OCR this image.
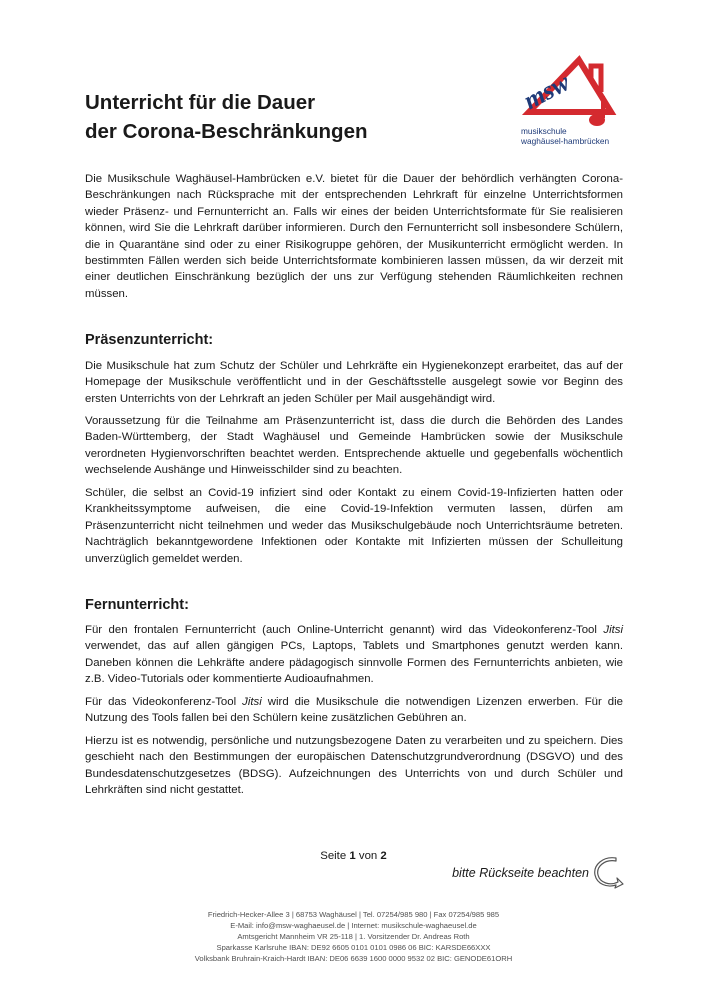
Unterricht für die Dauer
der Corona-Beschränkungen
msw
musikschule
waghäusel-hambrücken

Die Musikschule Waghäusel-Hambrücken e.V. bietet für die Dauer der behördlich verhängten Corona-Beschränkungen nach Rücksprache mit der entsprechenden Lehrkraft für einzelne Unterrichtsformen wieder Präsenz- und Fernunterricht an. Falls wir eines der beiden Unterrichtsformate für Sie realisieren können, wird Sie die Lehrkraft darüber informieren. Durch den Fernunterricht soll insbesondere Schülern, die in Quarantäne sind oder zu einer Risikogruppe gehören, der Musikunterricht ermöglicht werden. In bestimmten Fällen werden sich beide Unterrichtsformate kombinieren lassen müssen, da wir derzeit mit einer deutlichen Einschränkung bezüglich der uns zur Verfügung stehenden Räumlichkeiten rechnen müssen.

Präsenzunterricht:

Die Musikschule hat zum Schutz der Schüler und Lehrkräfte ein Hygienekonzept erarbeitet, das auf der Homepage der Musikschule veröffentlicht und in der Geschäftsstelle ausgelegt sowie vor Beginn des ersten Unterrichts von der Lehrkraft an jeden Schüler per Mail ausgehändigt wird.

Voraussetzung für die Teilnahme am Präsenzunterricht ist, dass die durch die Behörden des Landes Baden-Württemberg, der Stadt Waghäusel und Gemeinde Hambrücken sowie der Musikschule verordneten Hygienvorschriften beachtet werden. Entsprechende aktuelle und gegebenfalls wöchentlich wechselende Aushänge und Hinweisschilder sind zu beachten.

Schüler, die selbst an Covid-19 infiziert sind oder Kontakt zu einem Covid-19-Infizierten hatten oder Krankheitssymptome aufweisen, die eine Covid-19-Infektion vermuten lassen, dürfen am Präsenzunterricht nicht teilnehmen und weder das Musikschulgebäude noch Unterrichtsräume betreten. Nachträglich bekanntgewordene Infektionen oder Kontakte mit Infizierten müssen der Schulleitung unverzüglich gemeldet werden.

Fernunterricht:

Für den frontalen Fernunterricht (auch Online-Unterricht genannt) wird das Videokonferenz-Tool Jitsi verwendet, das auf allen gängigen PCs, Laptops, Tablets und Smartphones genutzt werden kann. Daneben können die Lehkräfte andere pädagogisch sinnvolle Formen des Fernunterrichts anbieten, wie z.B. Video-Tutorials oder kommentierte Audioaufnahmen.

Für das Videokonferenz-Tool Jitsi wird die Musikschule die notwendigen Lizenzen erwerben. Für die Nutzung des Tools fallen bei den Schülern keine zusätzlichen Gebühren an.

Hierzu ist es notwendig, persönliche und nutzungsbezogene Daten zu verarbeiten und zu speichern. Dies geschieht nach den Bestimmungen der europäischen Datenschutzgrundverordnung (DSGVO) und des Bundesdatenschutzgesetzes (BDSG). Aufzeichnungen des Unterrichts von und durch Schüler und Lehrkräften sind nicht gestattet.

Seite 1 von 2
bitte Rückseite beachten
Friedrich-Hecker-Allee 3 | 68753 Waghäusel | Tel. 07254/985 980 | Fax 07254/985 985
E-Mail: info@msw-waghaeusel.de | Internet: musikschule-waghaeusel.de
Amtsgericht Mannheim VR 25-118 | 1. Vorsitzender Dr. Andreas Roth
Sparkasse Karlsruhe IBAN: DE92 6605 0101 0101 0986 06 BIC: KARSDE66XXX
Volksbank Bruhrain-Kraich-Hardt IBAN: DE06 6639 1600 0000 9532 02 BIC: GENODE61ORH
